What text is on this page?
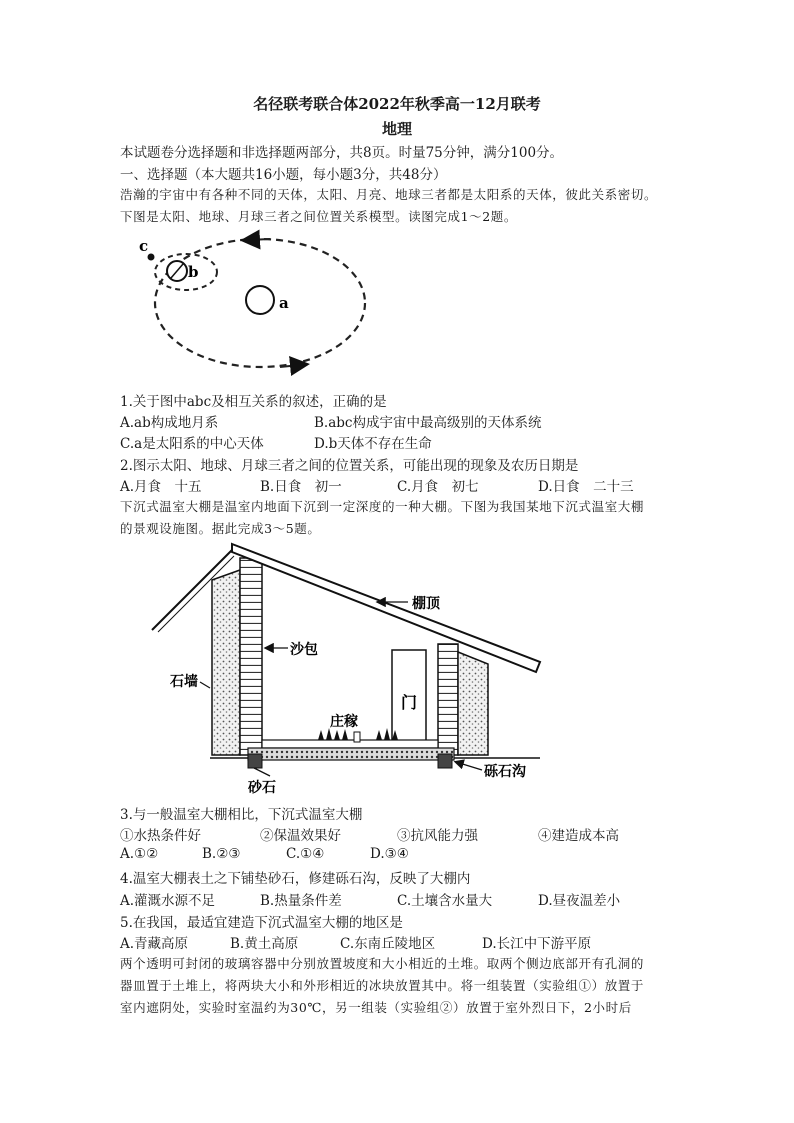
名径联考联合体2022年秋季高一12月联考
地理
本试题卷分选择题和非选择题两部分，共8页。时量75分钟，满分100分。
一、选择题（本大题共16小题，每小题3分，共48分）
浩瀚的宇宙中有各种不同的天体，太阳、月亮、地球三者都是太阳系的天体，彼此关系密切。
下图是太阳、地球、月球三者之间位置关系模型。读图完成1～2题。
a
b
c
1.关于图中abc及相互关系的叙述，正确的是
A.ab构成地月系	B.abc构成宇宙中最高级别的天体系统
C.a是太阳系的中心天体	D.b天体不存在生命
2.图示太阳、地球、月球三者之间的位置关系，可能出现的现象及农历日期是
A.月食　十五	B.日食　初一	C.月食　初七	D.日食　二十三
下沉式温室大棚是温室内地面下沉到一定深度的一种大棚。下图为我国某地下沉式温室大棚
的景观设施图。据此完成3～5题。
棚顶
沙包
石墙
庄稼
门
砾石沟
砂石
3.与一般温室大棚相比，下沉式温室大棚
①水热条件好	②保温效果好	③抗风能力强	④建造成本高
A.①②	B.②③	C.①④	D.③④
4.温室大棚表土之下铺垫砂石，修建砾石沟，反映了大棚内
A.灌溉水源不足	B.热量条件差	C.土壤含水量大	D.昼夜温差小
5.在我国，最适宜建造下沉式温室大棚的地区是
A.青藏高原	B.黄土高原	C.东南丘陵地区	D.长江中下游平原
两个透明可封闭的玻璃容器中分别放置坡度和大小相近的土堆。取两个侧边底部开有孔洞的
器皿置于土堆上，将两块大小和外形相近的冰块放置其中。将一组装置（实验组①）放置于
室内遮阴处，实验时室温约为30℃，另一组装（实验组②）放置于室外烈日下，2小时后
